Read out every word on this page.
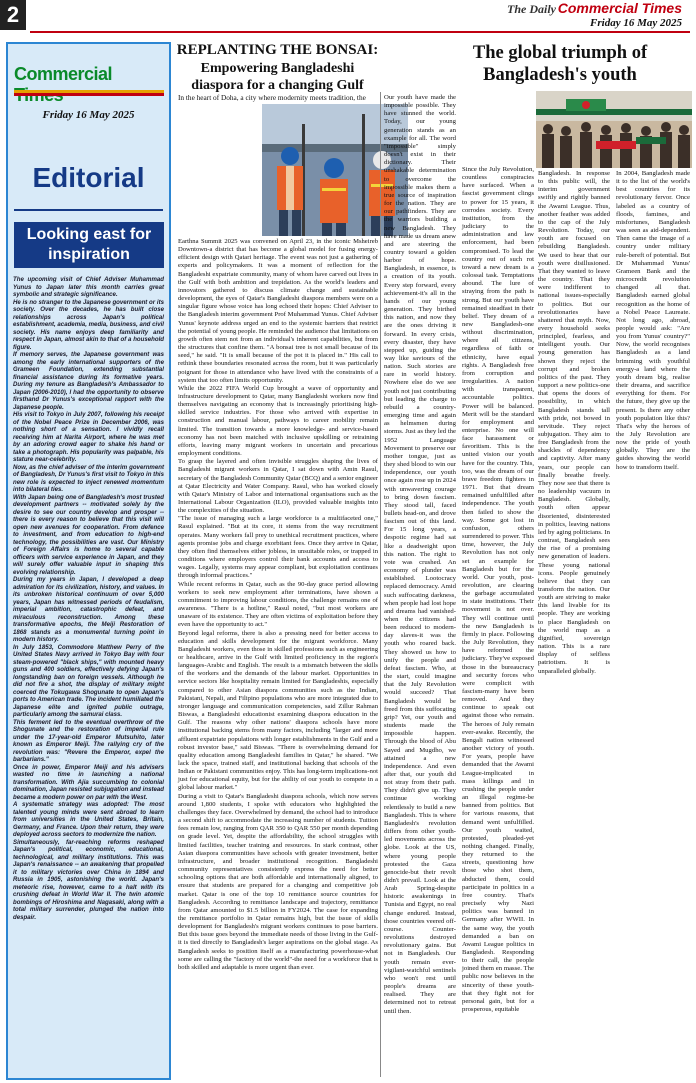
2	The Daily Commercial Times
Friday 16 May 2025
Commercial
Friday 16 May 2025
Editorial
Looking east for inspiration

The upcoming visit of Chief Adviser Muhammad Yunus to Japan later this month carries great symbolic and strategic significance.

He is no stranger to the Japanese government or its society. Over the decades, he has built close relationships across Japan's political establishment, academia, media, business, and civil society. His name enjoys deep familiarity and respect in Japan, almost akin to that of a household figure.

If memory serves, the Japanese government was among the early international supporters of the Grameen Foundation, extending substantial financial assistance during its formative years. During my tenure as Bangladesh's Ambassador to Japan (2006-2010), I had the opportunity to observe firsthand Dr Yunus's exceptional rapport with the Japanese people.

His visit to Tokyo in July 2007, following his receipt of the Nobel Peace Prize in December 2006, was nothing short of a sensation. I vividly recall receiving him at Narita Airport, where he was met by an adoring crowd eager to shake his hand or take a photograph. His popularity was palpable, his stature near-celebrity.

Now, as the chief adviser of the interim government of Bangladesh, Dr Yunus's first visit to Tokyo in this new role is expected to inject renewed momentum into bilateral ties.

With Japan being one of Bangladesh's most trusted development partners -- motivated solely by the desire to see our country develop and prosper -- there is every reason to believe that this visit will open new avenues for cooperation. From defence to investment, and from education to high-end technology, the possibilities are vast. Our Ministry of Foreign Affairs is home to several capable officers with service experience in Japan, and they will surely offer valuable input in shaping this evolving relationship.

During my years in Japan, I developed a deep admiration for its civilization, history, and values. In its unbroken historical continuum of over 5,000 years, Japan has witnessed periods of feudalism, imperial ambition, catastrophic defeat, and miraculous reconstruction. Among these transformative epochs, the Meiji Restoration of 1868 stands as a monumental turning point in modern history.

In July 1853, Commodore Matthew Perry of the United States Navy arrived in Tokyo Bay with four steam-powered "black ships," with mounted heavy guns and 400 soldiers, effectively defying Japan's longstanding ban on foreign vessels. Although he did not fire a shot, the display of military might coerced the Tokugawa Shogunate to open Japan's ports to American trade. The incident humiliated the Japanese elite and ignited public outrage, particularly among the samurai class.

This ferment led to the eventual overthrow of the Shogunate and the restoration of imperial rule under the 17-year-old Emperor Mutsuhito, later known as Emperor Meiji. The rallying cry of the revolution was: "Revere the Emperor, expel the barbarians."

Once in power, Emperor Meiji and his advisers wasted no time in launching a national transformation. With Ajia succumbing to colonial domination, Japan resisted subjugation and instead became a modern power on par with the West.

A systematic strategy was adopted: The most talented young minds were sent abroad to learn from universities in the United States, Britain, Germany, and France. Upon their return, they were deployed across sectors to modernize the nation.

Simultaneously, far-reaching reforms reshaped Japan's political, economic, educational, technological, and military institutions. This was Japan's renaissance -- an awakening that propelled it to military victories over China in 1894 and Russia in 1905, astonishing the world. Japan's meteoric rise, however, came to a halt with its crushing defeat in World War II. The twin atomic bombings of Hiroshima and Nagasaki, along with a total military surrender, plunged the nation into despair.

REPLANTING THE BONSAI:
Empowering Bangladeshi diaspora for a changing Gulf
In the heart of Doha, a city where modernity meets tradition, the

Earthna Summit 2025 was convened on April 23, in the iconic Msheireb Downtown-a district that has become a global model for fusing energy-efficient design with Qatari heritage. The event was not just a gathering of experts and policymakers. It was a moment of reflection for the Bangladeshi expatriate community, many of whom have carved out lives in the Gulf with both ambition and trepidation. As the world's leaders and innovators gathered to discuss climate change and sustainable development, the eyes of Qatar's Bangladeshi diaspora members were on a singular figure whose voice has long echoed their hopes: Chief Adviser to the Bangladesh interim government Prof Muhammad Yunus. Chief Adviser Yunus' keynote address urged an end to the systemic barriers that restrict the potential of young people. He reminded the audience that limitations on growth often stem not from an individual's inherent capabilities, but from the structures that confine them. "A bonsai tree is not small because of its seed," he said. "It is small because of the pot it is placed in." His call to rethink these boundaries resonated across the room, but it was particularly poignant for those in attendance who have lived with the constraints of a system that too often limits opportunity.

While the 2022 FIFA World Cup brought a wave of opportunity and infrastructure development to Qatar, many Bangladeshi workers now find themselves navigating an economy that is increasingly prioritising high-skilled service industries. For those who arrived with expertise in construction and manual labour, pathways to career mobility remain limited. The transition towards a more knowledge- and service-based economy has not been matched with inclusive upskilling or retraining efforts, leaving many migrant workers in uncertain and precarious employment conditions.

To grasp the layered and often invisible struggles shaping the lives of Bangladeshi migrant workers in Qatar, I sat down with Amin Rasul, secretary of the Bangladesh Community Qatar (BCQ) and a senior engineer at Qatar Electricity and Water Company. Rasul, who has worked closely with Qatar's Ministry of Labor and international organisations such as the International Labour Organization (ILO), provided valuable insights into the complexities of the situation.

"The issue of managing such a large workforce is a multifaceted one," Rasul explained. "But at its core, it stems from the way recruitment operates. Many workers fall prey to unethical recruitment practices, where agents promise jobs and charge exorbitant fees. Once they arrive in Qatar, they often find themselves either jobless, in unsuitable roles, or trapped in conditions where employers control their bank accounts and access to wages. Legally, systems may appear compliant, but exploitation continues through informal practices."

While recent reforms in Qatar, such as the 90-day grace period allowing workers to seek new employment after terminations, have shown a commitment to improving labour conditions, the challenge remains one of awareness. "There is a hotline," Rasul noted, "but most workers are unaware of its existence. They are often victims of exploitation before they even have the opportunity to act."

Beyond legal reforms, there is also a pressing need for better access to education and skills development for the migrant workforce. Many Bangladeshi workers, even those in skilled professions such as engineering or healthcare, arrive in the Gulf with limited proficiency in the region's languages-Arabic and English. The result is a mismatch between the skills of the workers and the demands of the labour market. Opportunities in service sectors like hospitality remain limited for Bangladeshis, especially compared to other Asian diaspora communities such as the Indian, Pakistani, Nepali, and Filipino populations who are more integrated due to stronger language and communication competencies, said Zillur Rahman Biswas, a Bangladeshi educationist examining diaspora education in the Gulf. The reasons why other nations' diaspora schools have more institutional backing stems from many factors, including "larger and more affluent expatriate populations with longer establishments in the Gulf and a robust investor base," said Biswas. "There is overwhelming demand for quality education among Bangladeshi families in Qatar," he shared. "We lack the space, trained staff, and institutional backing that schools of the Indian or Pakistani communities enjoy. This has long-term implications-not just for educational equity, but for the ability of our youth to compete in a global labour market."

During a visit to Qatar's Bangladeshi diaspora schools, which now serves around 1,800 students, I spoke with educators who highlighted the challenges they face. Overwhelmed by demand, the school had to introduce a second shift to accommodate the increasing number of students. Tuition fees remain low, ranging from QAR 350 to QAR 550 per month depending on grade level. Yet, despite the affordability, the school struggles with limited facilities, teacher training and resources. In stark contrast, other Asian diaspora communities have schools with greater investment, better infrastructure, and broader institutional recognition. Bangladeshi community representatives consistently express the need for better schooling options that are both affordable and internationally aligned, to ensure that students are prepared for a changing and competitive job market. Qatar is one of the top 10 remittance source countries for Bangladesh. According to remittance landscape and trajectory, remittance from Qatar amounted to $1.5 billion in FY2024. The case for expanding the remittance portfolio in Qatar remains high, but the issue of skills development for Bangladesh's migrant workers continues to pose barriers. But this issue goes beyond the immediate needs of those living in the Gulf-it is tied directly to Bangladesh's larger aspirations on the global stage. As Bangladesh seeks to position itself as a manufacturing powerhouse-what some are calling the "factory of the world"-the need for a workforce that is both skilled and adaptable is more urgent than ever.

The global triumph of Bangladesh's youth

Our youth have made the impossible possible. They have stunned the world. Today, our young generation stands as an example for all. The word "impossible" simply doesn't exist in their dictionary. Their unshakable determination to overcome the impossible makes them a true source of inspiration for the nation. They are our pathfinders. They are the warriors building a new Bangladesh. They have made us dream anew and are steering the country toward a golden harbor of hope. Bangladesh, in essence, is a creation of its youth. Every step forward, every achievement-it's all in the hands of our young generation. They birthed this nation, and now they are the ones driving it forward. In every crisis, every disaster, they have stepped up, guiding the way like saviours of the nation. Such stories are rare in world history. Nowhere else do we see youth not just contributing but leading the charge to rebuild a country-emerging time and again as helmsmen during storms. Just as they led the 1952 Language Movement to preserve our mother tongue, just as they shed blood to win our independence, our youth once again rose up in 2024 with unwavering courage to bring down fascism. They stood tall, faced bullets head-on, and drove fascism out of this land. For 15 long years, a despotic regime had sat like a deadweight upon this nation. The right to vote was crushed. An economy of plunder was established. Lootocracy replaced democracy. Amid such suffocating darkness, when people had lost hope and dreams had vanished-when the citizens had been reduced to modern-day slaves-it was the youth who roared back. They showed us how to unify the people and defeat fascism. Who, at the start, could imagine that the July Revolution would succeed? That Bangladesh would be freed from this suffocating grip? Yet, our youth and students made the impossible happen. Through the blood of Abu Sayed and Mugdho, we attained a new independence. And even after that, our youth did not stray from their path. They didn't give up. They continue working relentlessly to build a new Bangladesh. This is where Bangladesh's revolution differs from other youth-led movements across the globe. Look at the US, where young people protested the Gaza genocide-but their revolt didn't prevail. Look at the Arab Spring-despite historic awakenings in Tunisia and Egypt, no real change endured. Instead, those countries veered off-course. Counter-revolutions destroyed revolutionary gains. But not in Bangladesh. Our youth remain ever-vigilant-watchful sentinels who won't rest until people's dreams are realised. They are determined not to retreat until then.

Since the July Revolution, countless conspiracies have surfaced. When a fascist government clings to power for 15 years, it corrodes society. Every institution, from the judiciary to the administration and law enforcement, had been compromised. To lead the country out of such rot toward a new dream is a colossal task. Temptations abound. The lure of straying from the path is strong. But our youth have remained steadfast in their belief. They dream of a new Bangladesh-one without discrimination, where all citizens, regardless of faith or ethnicity, have equal rights. A Bangladesh free from corruption and irregularities. A nation with transparent, accountable politics. Power will be balanced. Merit will be the standard for employment and enterprise. No one will face harassment or favoritism. This is the united vision our youth have for the country. This, too, was the dream of our brave freedom fighters in 1971. But that dream remained unfulfilled after independence. The youth then failed to show the way. Some got lost in confusion, others surrendered to power. This time, however, the July Revolution has not only set an example for Bangladesh but for the world. Our youth, post-revolution, are clearing the garbage accumulated in state institutions. Their movement is not over. They will continue until the new Bangladesh is firmly in place. Following the July Revolution, they have reformed the judiciary. They've exposed those in the bureaucracy and security forces who were complicit with fascism-many have been removed. And they continue to speak out against those who remain. The heroes of July remain ever-awake. Recently, the Bengali nation witnessed another victory of youth. For years, people have demanded that the Awami League-implicated in mass killings and in crushing the people under an illegal regime-be banned from politics. But for various reasons, that demand went unfulfilled. Our youth waited, protested, pleaded-yet nothing changed. Finally, they returned to the streets, questioning how those who shot them, abducted them, could participate in politics in a free country. That's precisely why Nazi politics was banned in Germany after WWII. In the same way, the youth demanded a ban on Awami League politics in Bangladesh. Responding to their call, the people joined them en masse. The public now believes in the sincerity of these youth-that they fight not for personal gain, but for a prosperous, equitable

Bangladesh. In response to this public will, the interim government swiftly and rightly banned the Awami League. Thus, another feather was added to the cap of the July Revolution. Today, our youth are focused on rebuilding Bangladesh. We used to hear that our youth were disillusioned. That they wanted to leave the country. That they were indifferent to national issues-especially to politics. But our revolutionaries have shattered that myth. Now, every household seeks principled, fearless, and intelligent youth. Our young generation has shown they reject the corrupt and broken politics of the past. They support a new politics-one that opens the doors of possibility, in which Bangladesh stands tall with pride, not bowed in servitude. They reject subjugation. They aim to free Bangladesh from the shackles of dependency and captivity. After many years, our people can finally breathe freely. They now see that there is no leadership vacuum in Bangladesh. Globally, youth often appear disoriented, disinterested in politics, leaving nations led by aging politicians. In contrast, Bangladesh sees the rise of a promising new generation of leaders. These young national icons. People genuinely believe that they can transform the nation. Our youth are striving to make this land livable for its people. They are working to place Bangladesh on the world map as a dignified, sovereign nation. This is a rare display of selfless patriotism. It is unparalleled globally.

In 2004, Bangladesh made it to the list of the world's best countries for its revolutionary fervor. Once labeled as a country of floods, famines, and misfortunes, Bangladesh was seen as aid-dependent. Then came the image of a country under military rule-bereft of potential. But Dr Muhammad Yunus' Grameen Bank and the microcredit revolution changed all that. Bangladesh earned global recognition as the home of a Nobel Peace Laureate. Not long ago, abroad, people would ask: "Are you from Yunus' country?" Now, the world recognises Bangladesh as a land brimming with youthful energy-a land where the youth dream big, realise their dreams, and sacrifice everything for them. For the future, they give up the present. Is there any other youth population like this? That's why the heroes of the July Revolution are now the pride of youth globally. They are the guides showing the world how to transform itself.
